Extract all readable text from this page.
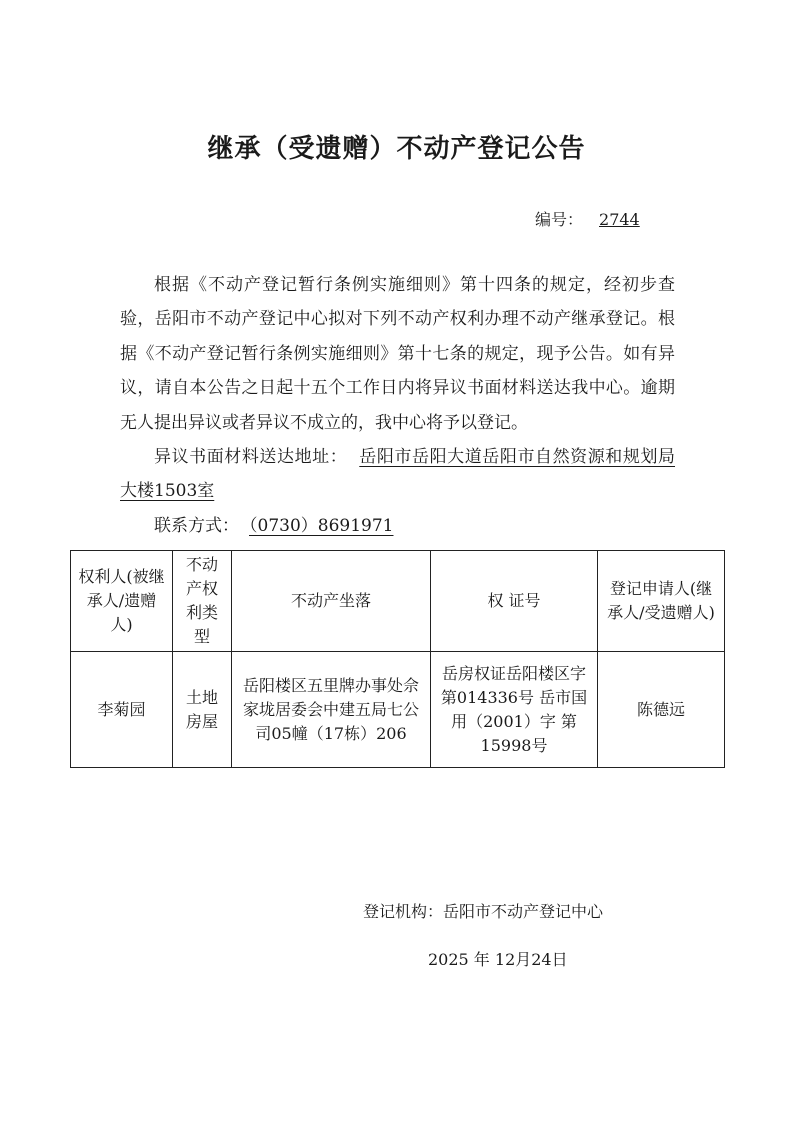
继承（受遗赠）不动产登记公告
编号： 2744

根据《不动产登记暂行条例实施细则》第十四条的规定，经初步查验，岳阳市不动产登记中心拟对下列不动产权利办理不动产继承登记。根据《不动产登记暂行条例实施细则》第十七条的规定，现予公告。如有异议，请自本公告之日起十五个工作日内将异议书面材料送达我中心。逾期无人提出异议或者异议不成立的，我中心将予以登记。

异议书面材料送达地址： 岳阳市岳阳大道岳阳市自然资源和规划局大楼1503室

联系方式： （0730）8691971

权利人(被继承人/遗赠人)	不动产权利类型	不动产坐落	权 证号	登记申请人(继承人/受遗赠人)
李菊园	土地房屋	岳阳楼区五里牌办事处佘家垅居委会中建五局七公司05幢（17栋）206	岳房权证岳阳楼区字第014336号 岳市国用（2001）字 第15998号	陈德远
登记机构：岳阳市不动产登记中心
2025 年 12月24日
